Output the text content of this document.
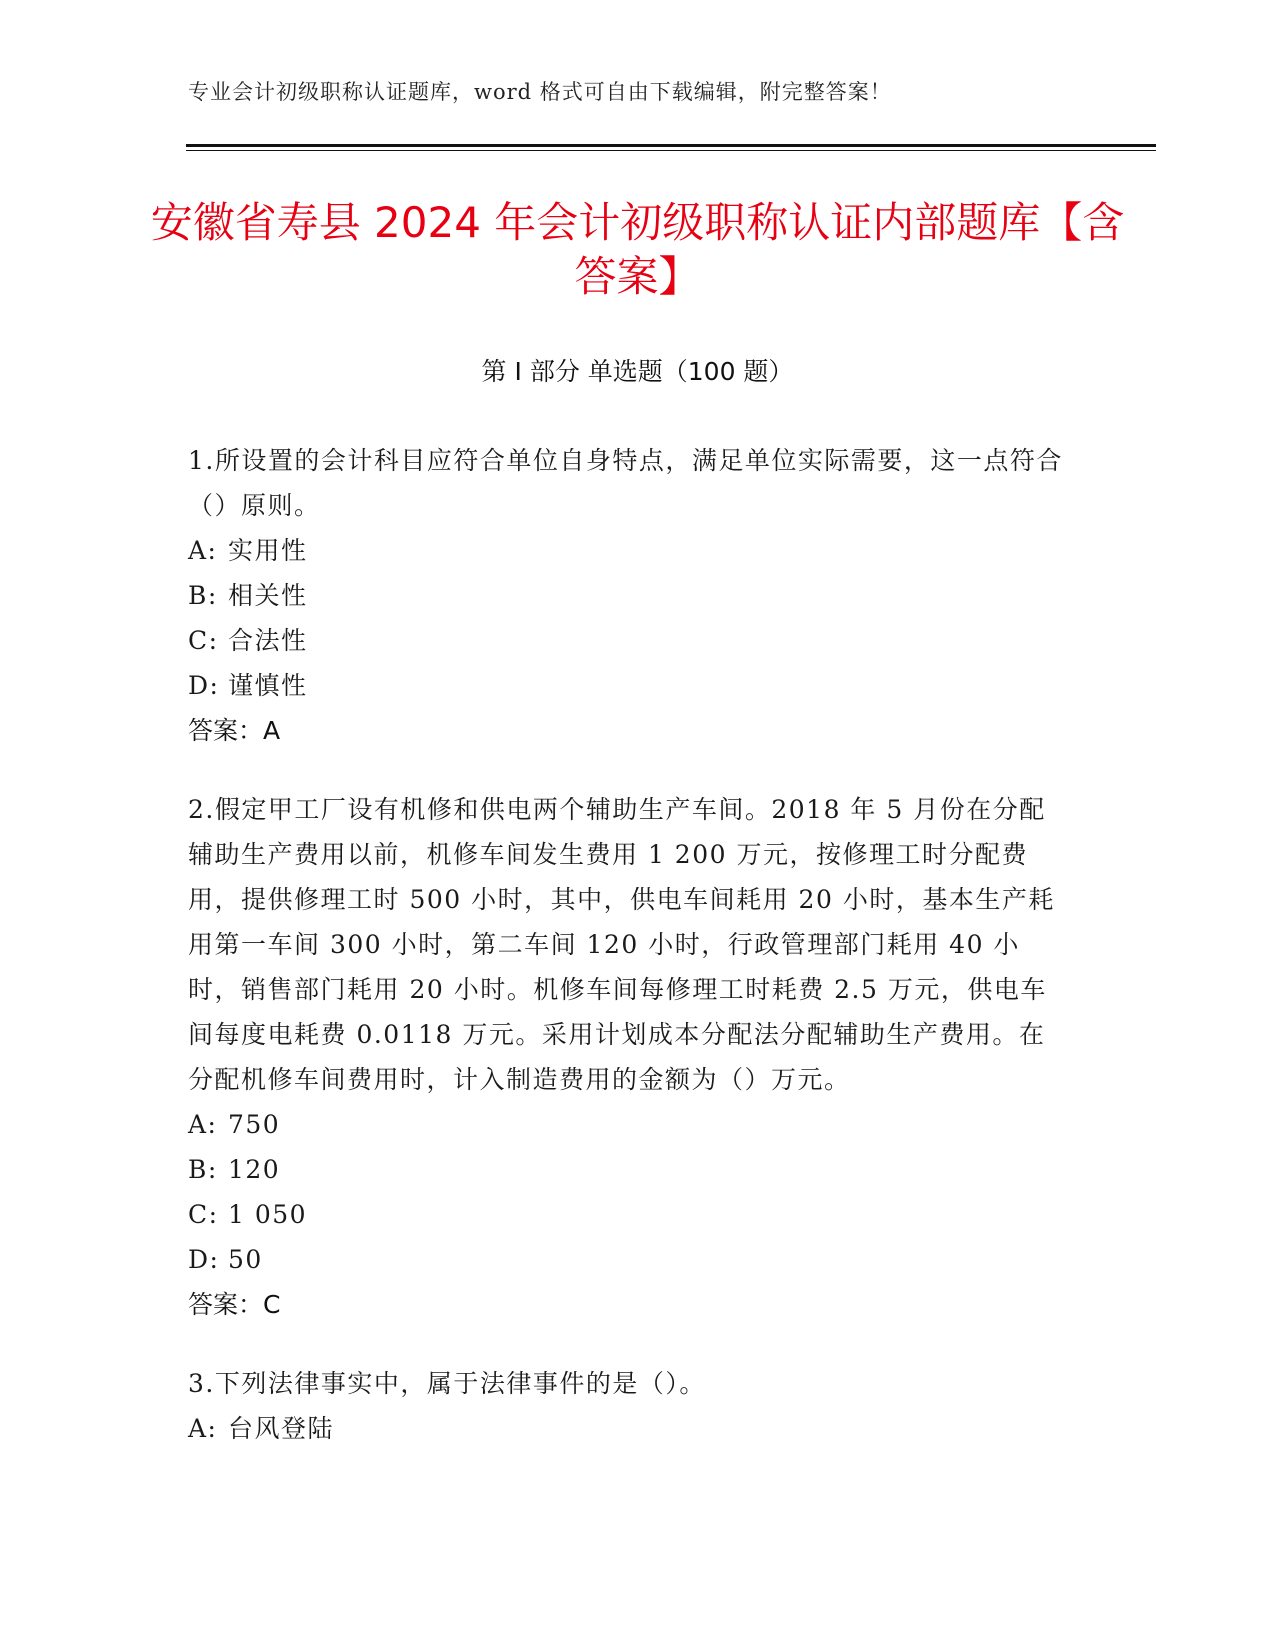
专业会计初级职称认证题库，word 格式可自由下载编辑，附完整答案！
安徽省寿县 2024 年会计初级职称认证内部题库【含答案】
第 I 部分 单选题（100 题）

1.所设置的会计科目应符合单位自身特点，满足单位实际需要，这一点符合（）原则。

A: 实用性

B: 相关性

C: 合法性

D: 谨慎性

答案：A

2.假定甲工厂设有机修和供电两个辅助生产车间。2018 年 5 月份在分配辅助生产费用以前，机修车间发生费用 1 200 万元，按修理工时分配费用，提供修理工时 500 小时，其中，供电车间耗用 20 小时，基本生产耗用第一车间 300 小时，第二车间 120 小时，行政管理部门耗用 40 小时，销售部门耗用 20 小时。机修车间每修理工时耗费 2.5 万元，供电车间每度电耗费 0.0118 万元。采用计划成本分配法分配辅助生产费用。在分配机修车间费用时，计入制造费用的金额为（）万元。

A: 750

B: 120

C: 1 050

D: 50

答案：C

3.下列法律事实中，属于法律事件的是（）。

A: 台风登陆
